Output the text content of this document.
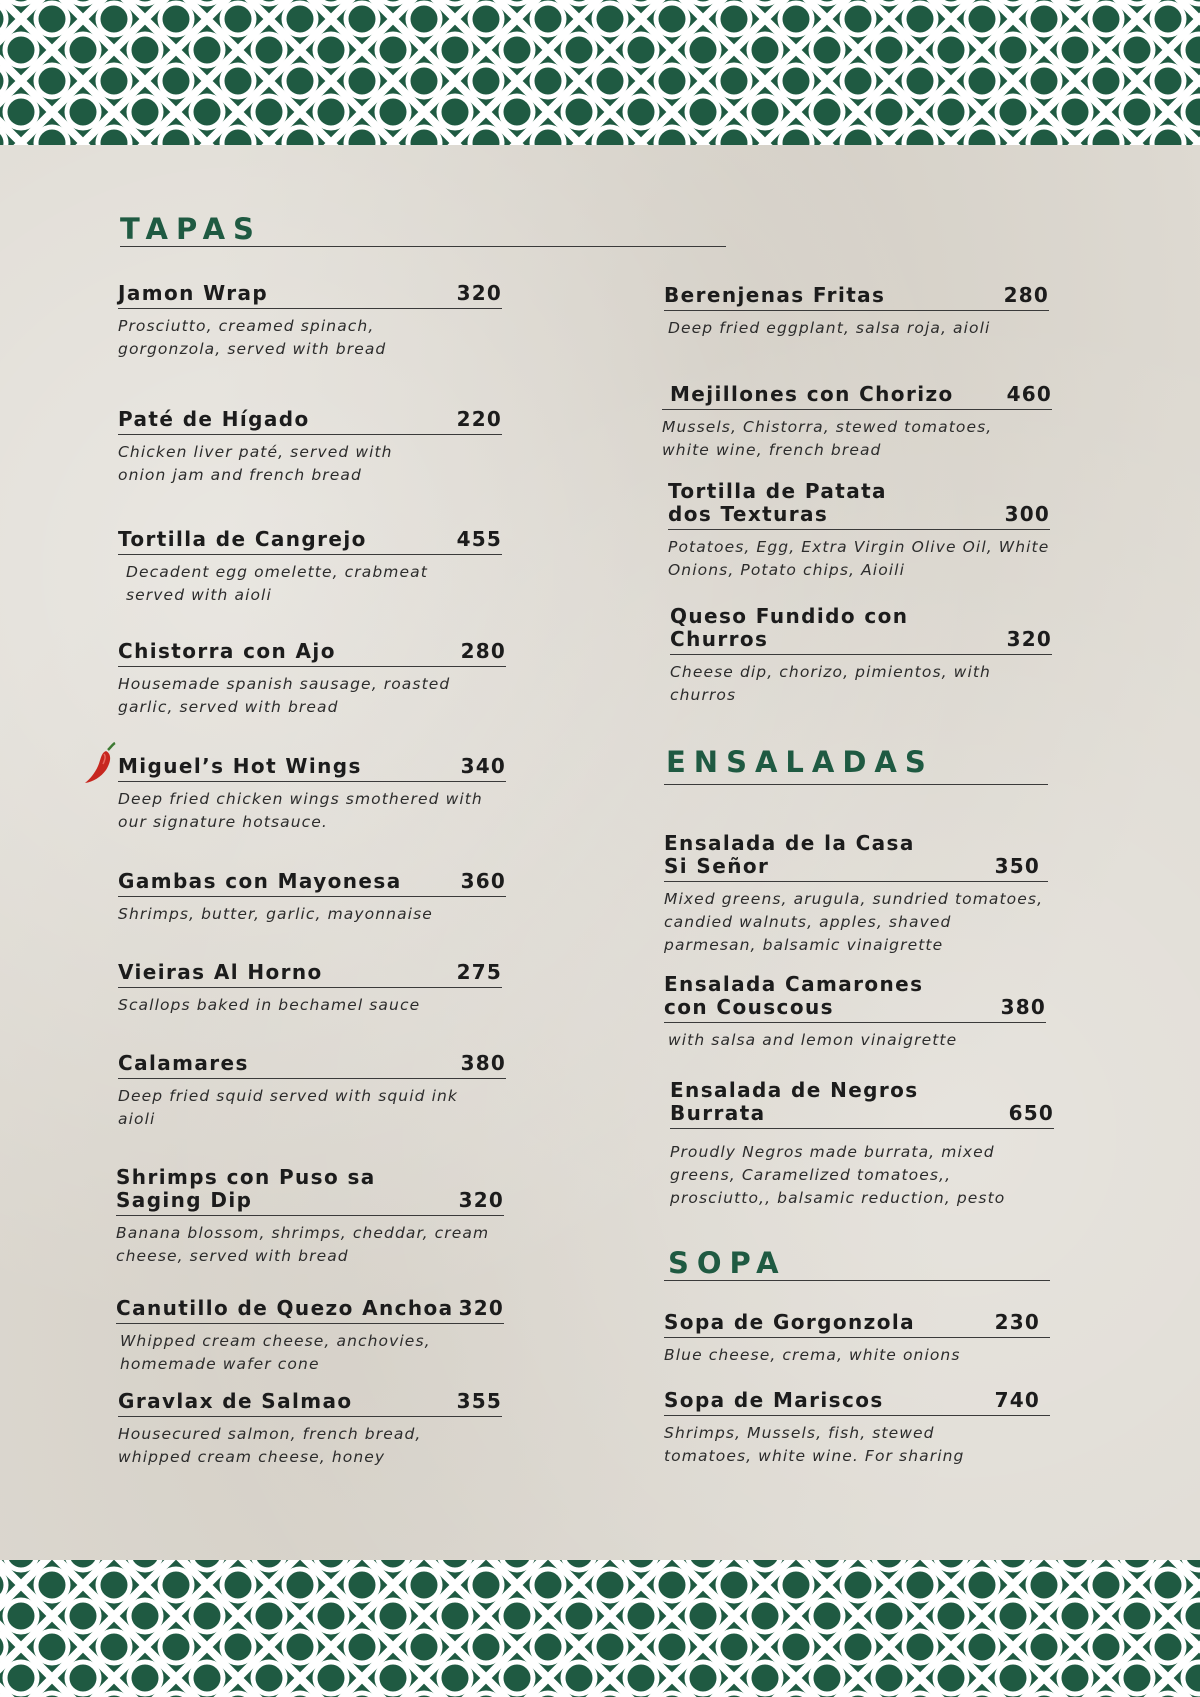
TAPAS
Jamon Wrap	320
Prosciutto, creamed spinach, gorgonzola, served with bread
Paté de Hígado	220
Chicken liver paté, served with onion jam and french bread
Tortilla de Cangrejo	455
Decadent egg omelette, crabmeat served with aioli
Chistorra con Ajo	280
Housemade spanish sausage, roasted garlic, served with bread
Miguel’s Hot Wings	340
Deep fried chicken wings smothered with our signature hotsauce.
Gambas con Mayonesa	360
Shrimps, butter, garlic, mayonnaise
Vieiras Al Horno	275
Scallops baked in bechamel sauce
Calamares	380
Deep fried squid served with squid ink aioli
Shrimps con Puso sa Saging Dip	320
Banana blossom, shrimps, cheddar, cream cheese, served with bread
Canutillo de Quezo Anchoa 320
Whipped cream cheese, anchovies, homemade wafer cone
Gravlax de Salmao	355
Housecured salmon, french bread, whipped cream cheese, honey
Berenjenas Fritas	280
Deep fried eggplant, salsa roja, aioli
Mejillones con Chorizo	460
Mussels, Chistorra, stewed tomatoes, white wine, french bread
Tortilla de Patata dos Texturas	300
Potatoes, Egg, Extra Virgin Olive Oil, White Onions, Potato chips, Aioili
Queso Fundido con Churros	320
Cheese dip, chorizo, pimientos, with churros
ENSALADAS
Ensalada de la Casa Si Señor	350
Mixed greens, arugula, sundried tomatoes, candied walnuts, apples, shaved parmesan, balsamic vinaigrette
Ensalada Camarones con Couscous	380
with salsa and lemon vinaigrette
Ensalada de Negros Burrata	650
Proudly Negros made burrata, mixed greens, Caramelized tomatoes,, prosciutto,, balsamic reduction, pesto
SOPA
Sopa de Gorgonzola	230
Blue cheese, crema, white onions
Sopa de Mariscos	740
Shrimps, Mussels, fish, stewed tomatoes, white wine. For sharing
